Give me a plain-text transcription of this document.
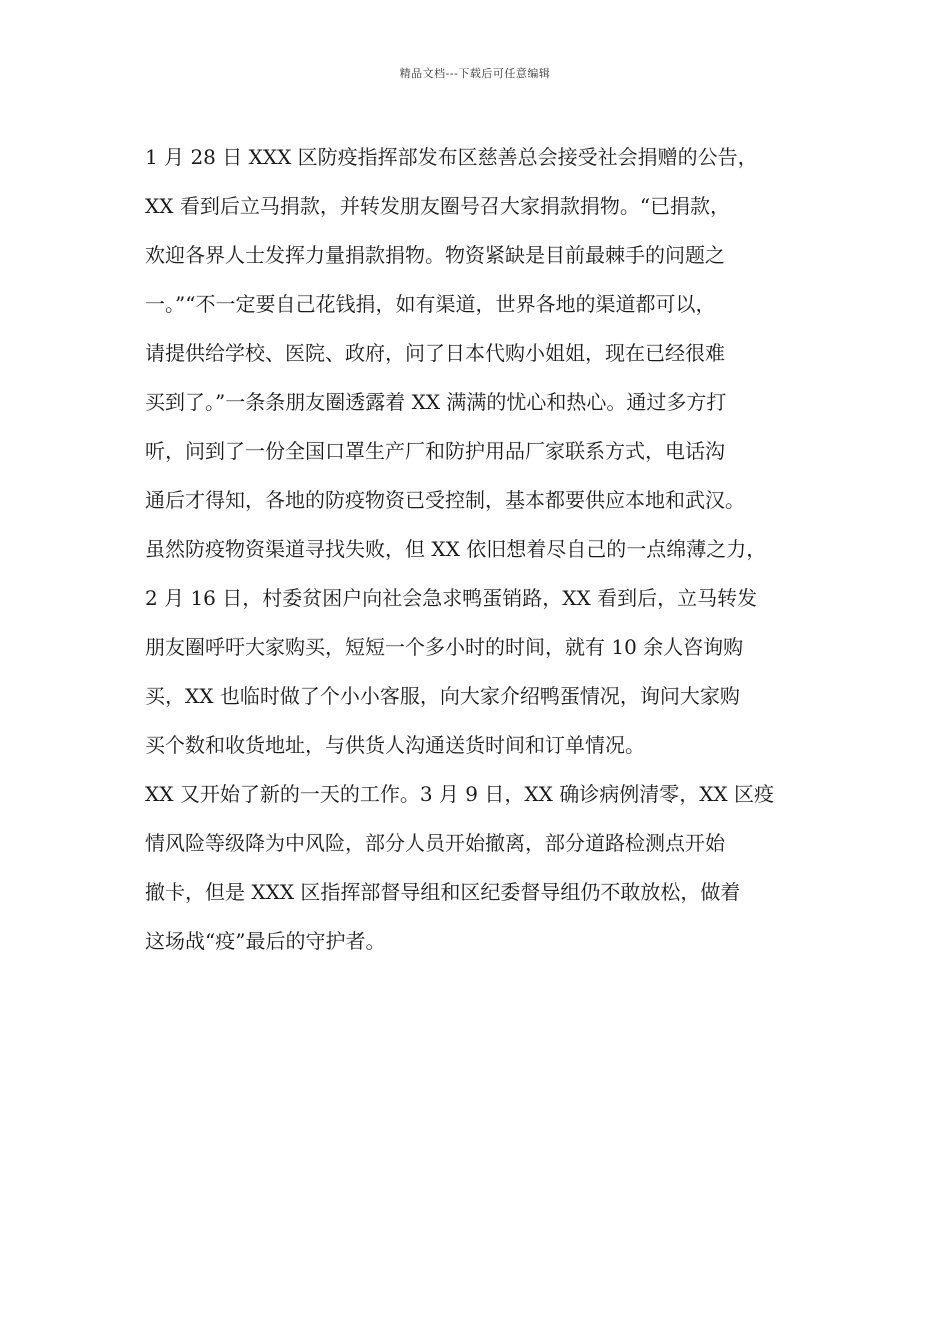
精品文档---下载后可任意编辑
1 月 28 日 XXX 区防疫指挥部发布区慈善总会接受社会捐赠的公告，
XX 看到后立马捐款，并转发朋友圈号召大家捐款捐物。“已捐款，
欢迎各界人士发挥力量捐款捐物。物资紧缺是目前最棘手的问题之
一。”“不一定要自己花钱捐，如有渠道，世界各地的渠道都可以，
请提供给学校、医院、政府，问了日本代购小姐姐，现在已经很难
买到了。”一条条朋友圈透露着 XX 满满的忧心和热心。通过多方打
听，问到了一份全国口罩生产厂和防护用品厂家联系方式，电话沟
通后才得知，各地的防疫物资已受控制，基本都要供应本地和武汉。
虽然防疫物资渠道寻找失败，但 XX 依旧想着尽自己的一点绵薄之力，
2 月 16 日，村委贫困户向社会急求鸭蛋销路，XX 看到后，立马转发
朋友圈呼吁大家购买，短短一个多小时的时间，就有 10 余人咨询购
买，XX 也临时做了个小小客服，向大家介绍鸭蛋情况，询问大家购
买个数和收货地址，与供货人沟通送货时间和订单情况。
XX 又开始了新的一天的工作。3 月 9 日，XX 确诊病例清零，XX 区疫
情风险等级降为中风险，部分人员开始撤离，部分道路检测点开始
撤卡，但是 XXX 区指挥部督导组和区纪委督导组仍不敢放松，做着
这场战“疫”最后的守护者。
